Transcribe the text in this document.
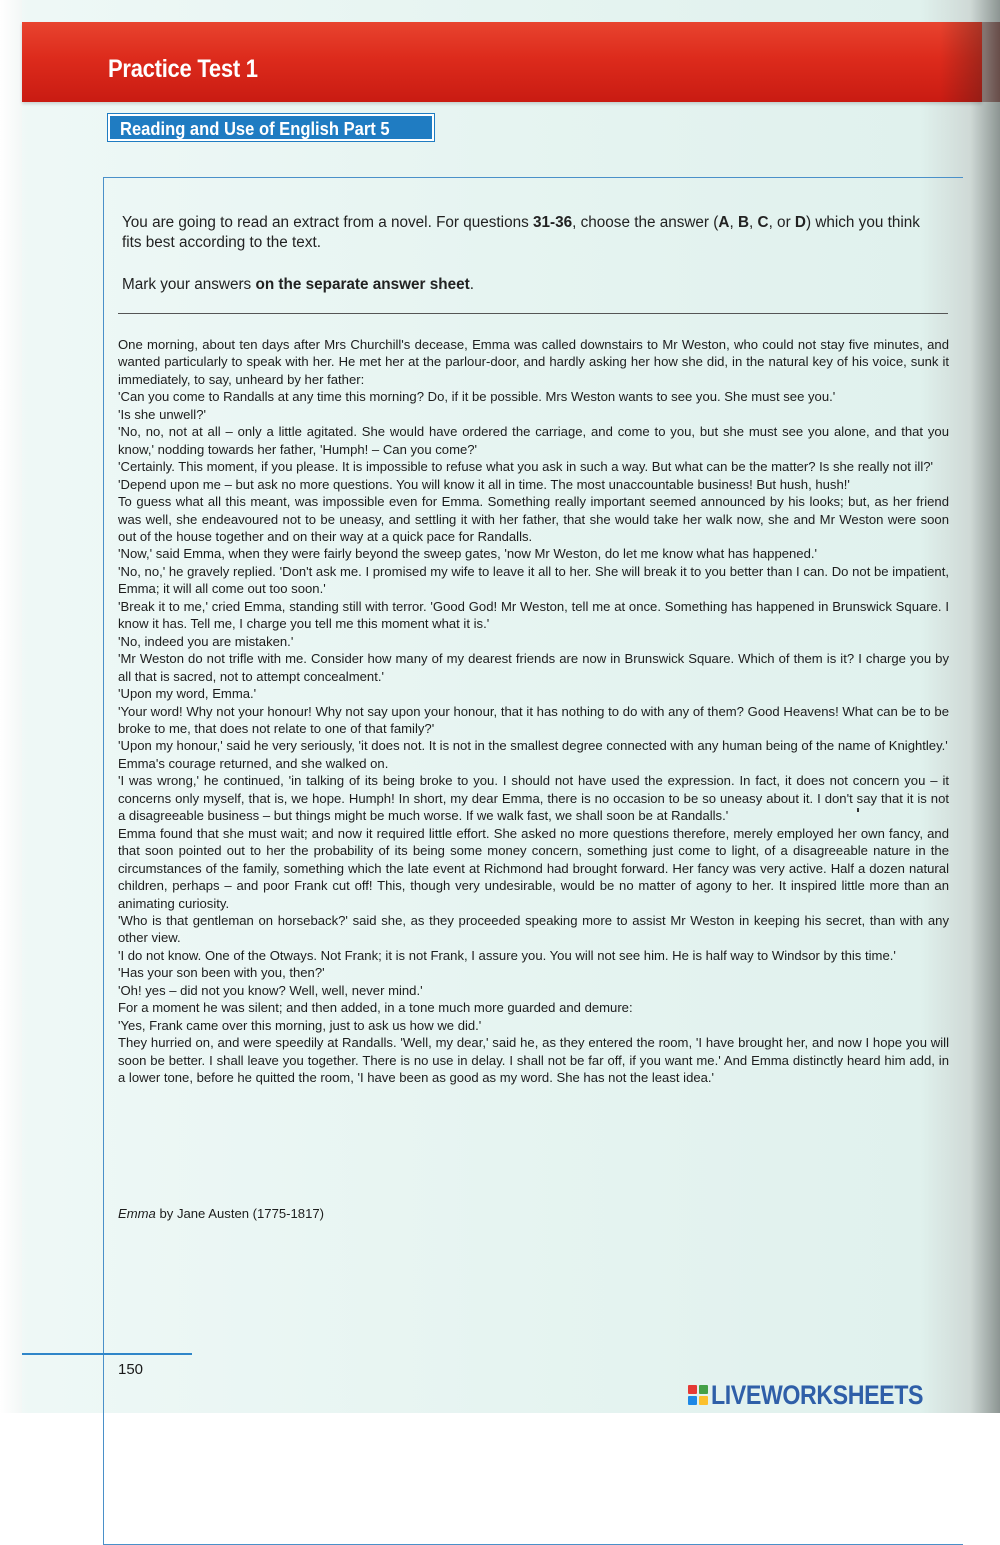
Practice Test 1
Reading and Use of English Part 5

You are going to read an extract from a novel. For questions 31-36, choose the answer (A, B, C, or D) which you think fits best according to the text.

Mark your answers on the separate answer sheet.

One morning, about ten days after Mrs Churchill's decease, Emma was called downstairs to Mr Weston, who could not stay five minutes, and wanted particularly to speak with her. He met her at the parlour-door, and hardly asking her how she did, in the natural key of his voice, sunk it immediately, to say, unheard by her father:

'Can you come to Randalls at any time this morning? Do, if it be possible. Mrs Weston wants to see you. She must see you.'

'Is she unwell?'

'No, no, not at all – only a little agitated. She would have ordered the carriage, and come to you, but she must see you alone, and that you know,' nodding towards her father, 'Humph! – Can you come?'

'Certainly. This moment, if you please. It is impossible to refuse what you ask in such a way. But what can be the matter? Is she really not ill?'

'Depend upon me – but ask no more questions. You will know it all in time. The most unaccountable business! But hush, hush!'

To guess what all this meant, was impossible even for Emma. Something really important seemed announced by his looks; but, as her friend was well, she endeavoured not to be uneasy, and settling it with her father, that she would take her walk now, she and Mr Weston were soon out of the house together and on their way at a quick pace for Randalls.

'Now,' said Emma, when they were fairly beyond the sweep gates, 'now Mr Weston, do let me know what has happened.'

'No, no,' he gravely replied. 'Don't ask me. I promised my wife to leave it all to her. She will break it to you better than I can. Do not be impatient, Emma; it will all come out too soon.'

'Break it to me,' cried Emma, standing still with terror. 'Good God! Mr Weston, tell me at once. Something has happened in Brunswick Square. I know it has. Tell me, I charge you tell me this moment what it is.'

'No, indeed you are mistaken.'

'Mr Weston do not trifle with me. Consider how many of my dearest friends are now in Brunswick Square. Which of them is it? I charge you by all that is sacred, not to attempt concealment.'

'Upon my word, Emma.'

'Your word! Why not your honour! Why not say upon your honour, that it has nothing to do with any of them? Good Heavens! What can be to be broke to me, that does not relate to one of that family?'

'Upon my honour,' said he very seriously, 'it does not. It is not in the smallest degree connected with any human being of the name of Knightley.'

Emma's courage returned, and she walked on.

'I was wrong,' he continued, 'in talking of its being broke to you. I should not have used the expression. In fact, it does not concern you – it concerns only myself, that is, we hope. Humph! In short, my dear Emma, there is no occasion to be so uneasy about it. I don't say that it is not a disagreeable business – but things might be much worse. If we walk fast, we shall soon be at Randalls.'

Emma found that she must wait; and now it required little effort. She asked no more questions therefore, merely employed her own fancy, and that soon pointed out to her the probability of its being some money concern, something just come to light, of a disagreeable nature in the circumstances of the family, something which the late event at Richmond had brought forward. Her fancy was very active. Half a dozen natural children, perhaps – and poor Frank cut off! This, though very undesirable, would be no matter of agony to her. It inspired little more than an animating curiosity.

'Who is that gentleman on horseback?' said she, as they proceeded speaking more to assist Mr Weston in keeping his secret, than with any other view.

'I do not know. One of the Otways. Not Frank; it is not Frank, I assure you. You will not see him. He is half way to Windsor by this time.'

'Has your son been with you, then?'

'Oh! yes – did not you know? Well, well, never mind.'

For a moment he was silent; and then added, in a tone much more guarded and demure:

'Yes, Frank came over this morning, just to ask us how we did.'

They hurried on, and were speedily at Randalls. 'Well, my dear,' said he, as they entered the room, 'I have brought her, and now I hope you will soon be better. I shall leave you together. There is no use in delay. I shall not be far off, if you want me.' And Emma distinctly heard him add, in a lower tone, before he quitted the room, 'I have been as good as my word. She has not the least idea.'

Emma by Jane Austen (1775-1817)
150
LIVEWORKSHEETS
